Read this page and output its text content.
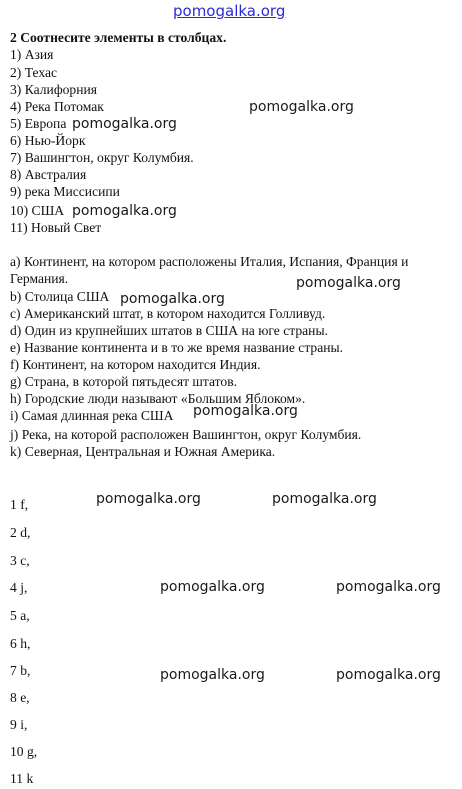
pomogalka.org
2 Соотнесите элементы в столбцах.
1) Азия
2) Техас
3) Калифорния
4) Река Потомак
5) Европа
6) Нью-Йорк
7) Вашингтон, округ Колумбия.
8) Австралия
9) река Миссисипи
10) США
11) Новый Свет
a) Континент, на котором расположены Италия, Испания, Франция и Германия.
b) Столица США
c) Американский штат, в котором находится Голливуд.
d) Один из крупнейших штатов в США на юге страны.
e) Название континента и в то же время название страны.
f) Континент, на котором находится Индия.
g) Страна, в которой пятьдесят штатов.
h) Городские люди называют «Большим Яблоком».
i) Самая длинная река США
j) Река, на которой расположен Вашингтон, округ Колумбия.
k) Северная, Центральная и Южная Америка.
1 f,
2 d,
3 c,
4 j,
5 a,
6 h,
7 b,
8 e,
9 i,
10 g,
11 k
pomogalka.org
pomogalka.org
pomogalka.org
pomogalka.org
pomogalka.org
pomogalka.org
pomogalka.org	pomogalka.org
pomogalka.org	pomogalka.org
pomogalka.org	pomogalka.org
